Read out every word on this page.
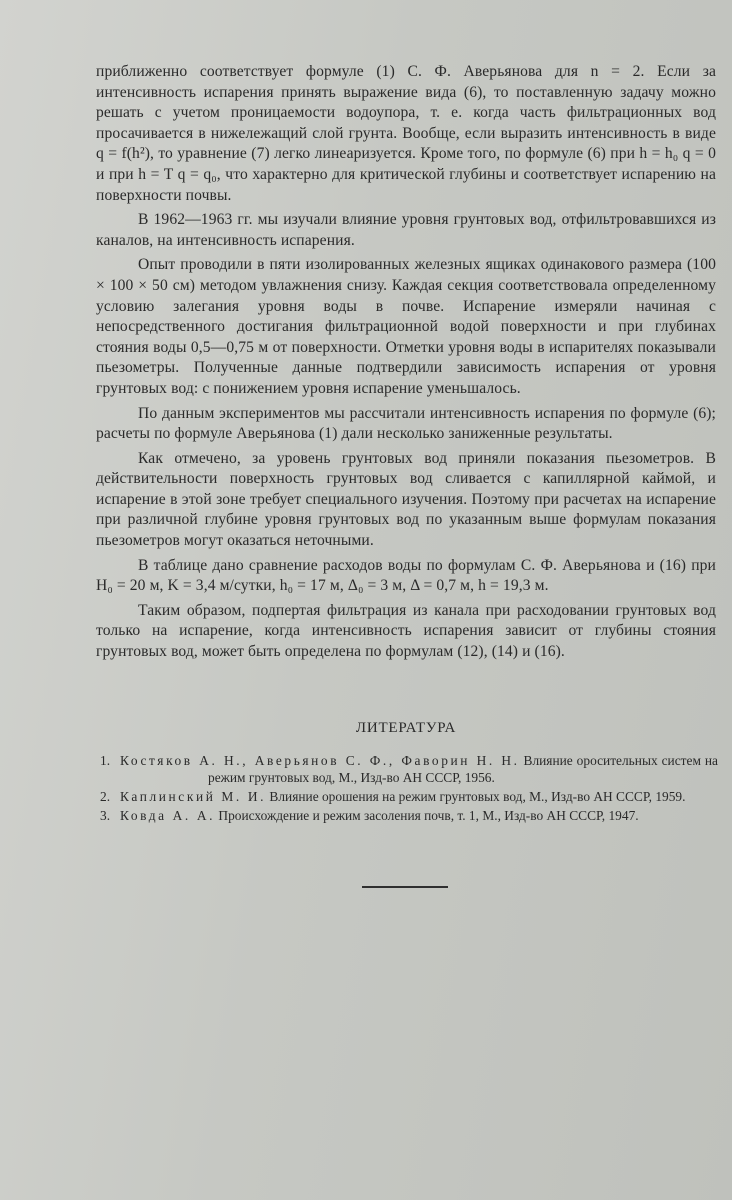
приближенно соответствует формуле (1) С. Ф. Аверьянова для n = 2. Если за интенсивность испарения принять выражение вида (6), то поставленную задачу можно решать с учетом проницаемости водоупора, т. е. когда часть фильтрационных вод просачивается в нижележащий слой грунта. Вообще, если выразить интенсивность в виде q = f(h²), то уравнение (7) легко линеаризуется. Кроме того, по формуле (6) при h = h₀ q = 0 и при h = T q = q₀, что характерно для критической глубины и соответствует испарению на поверхности почвы.

В 1962—1963 гг. мы изучали влияние уровня грунтовых вод, отфильтровавшихся из каналов, на интенсивность испарения.

Опыт проводили в пяти изолированных железных ящиках одинакового размера (100 × 100 × 50 см) методом увлажнения снизу. Каждая секция соответствовала определенному условию залегания уровня воды в почве. Испарение измеряли начиная с непосредственного достигания фильтрационной водой поверхности и при глубинах стояния воды 0,5—0,75 м от поверхности. Отметки уровня воды в испарителях показывали пьезометры. Полученные данные подтвердили зависимость испарения от уровня грунтовых вод: с понижением уровня испарение уменьшалось.

По данным экспериментов мы рассчитали интенсивность испарения по формуле (6); расчеты по формуле Аверьянова (1) дали несколько заниженные результаты.

Как отмечено, за уровень грунтовых вод приняли показания пьезометров. В действительности поверхность грунтовых вод сливается с капиллярной каймой, и испарение в этой зоне требует специального изучения. Поэтому при расчетах на испарение при различной глубине уровня грунтовых вод по указанным выше формулам показания пьезометров могут оказаться неточными.

В таблице дано сравнение расходов воды по формулам С. Ф. Аверьянова и (16) при H₀ = 20 м, K = 3,4 м/сутки, h₀ = 17 м, Δ₀ = 3 м, Δ = 0,7 м, h = 19,3 м.

Таким образом, подпертая фильтрация из канала при расходовании грунтовых вод только на испарение, когда интенсивность испарения зависит от глубины стояния грунтовых вод, может быть определена по формулам (12), (14) и (16).

ЛИТЕРАТУРА
1. Костяков А. Н., Аверьянов С. Ф., Фаворин Н. Н. Влияние оросительных систем на режим грунтовых вод, М., Изд-во АН СССР, 1956.
2. Каплинский М. И. Влияние орошения на режим грунтовых вод, М., Изд-во АН СССР, 1959.
3. Ковда А. А. Происхождение и режим засоления почв, т. 1, М., Изд-во АН СССР, 1947.
